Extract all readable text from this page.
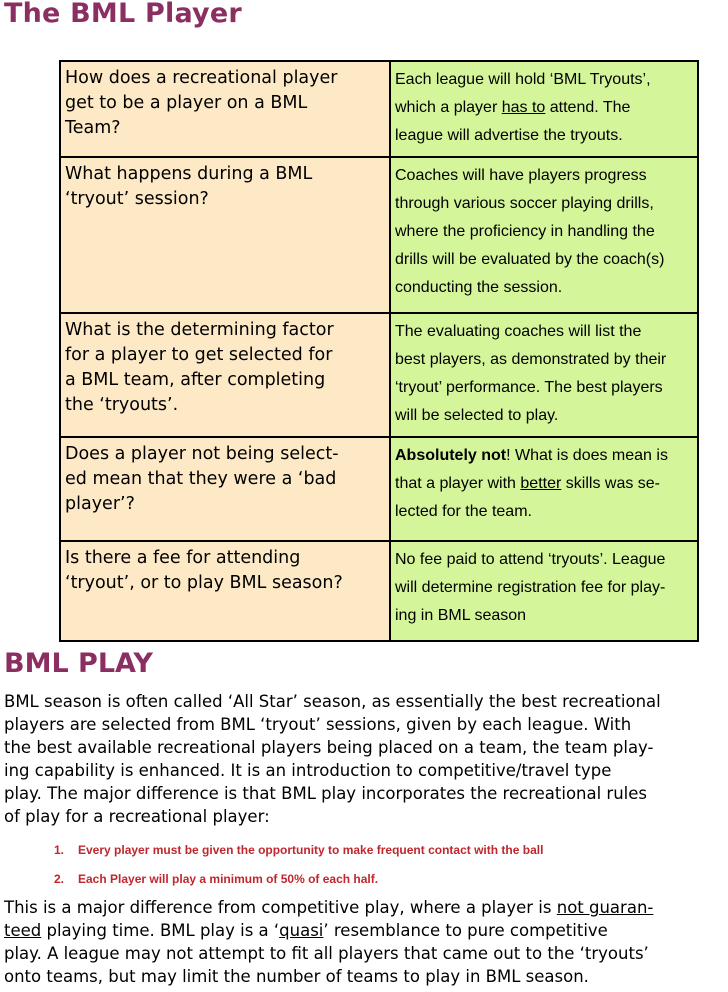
The BML Player
How does a recreational player
get to be a player on a BML
Team?	Each league will hold ‘BML Tryouts’,
which a player has to attend. The
league will advertise the tryouts.

What happens during a BML
‘tryout’ session?	Coaches will have players progress
through various soccer playing drills,
where the proficiency in handling the
drills will be evaluated by the coach(s)
conducting the session.

What is the determining factor
for a player to get selected for
a BML team, after completing
the ‘tryouts’.	The evaluating coaches will list the
best players, as demonstrated by their
‘tryout’ performance. The best players
will be selected to play.

Does a player not being select-
ed mean that they were a ‘bad
player’?	Absolutely not! What is does mean is
that a player with better skills was se-
lected for the team.

Is there a fee for attending
‘tryout’, or to play BML season?	No fee paid to attend ‘tryouts’. League
will determine registration fee for play-
ing in BML season
BML PLAY
BML season is often called ‘All Star’ season, as essentially the best recreational
players are selected from BML ‘tryout’ sessions, given by each league. With
the best available recreational players being placed on a team, the team play-
ing capability is enhanced. It is an introduction to competitive/travel type
play. The major difference is that BML play incorporates the recreational rules
of play for a recreational player:
1. Every player must be given the opportunity to make frequent contact with the ball
2. Each Player will play a minimum of 50% of each half.
This is a major difference from competitive play, where a player is not guaran-
teed playing time. BML play is a ‘quasi’ resemblance to pure competitive
play. A league may not attempt to fit all players that came out to the ‘tryouts’
onto teams, but may limit the number of teams to play in BML season.
